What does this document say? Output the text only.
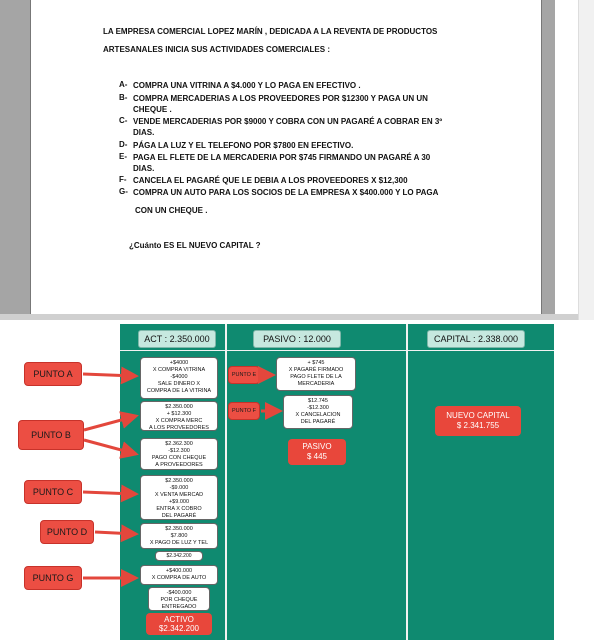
LA EMPRESA COMERCIAL LOPEZ MARÍN , DEDICADA A LA REVENTA DE PRODUCTOS
ARTESANALES INICIA SUS ACTIVIDADES COMERCIALES :
A- COMPRA UNA VITRINA A $4.000 Y LO PAGA EN EFECTIVO .
B- COMPRA MERCADERIAS A LOS PROVEEDORES POR $12300 Y PAGA UN UN
CHEQUE .
C- VENDE MERCADERIAS POR $9000 Y COBRA CON UN PAGARÉ A COBRAR EN 3º
DIAS.
D- PÁGA LA LUZ Y EL TELEFONO POR $7800 EN EFECTIVO.
E- PAGA EL FLETE DE LA MERCADERIA POR $745 FIRMANDO UN PAGARÉ A 30
DIAS.
F- CANCELA EL PAGARÉ QUE LE DEBIA A LOS PROVEEDORES X $12,300
G- COMPRA UN AUTO PARA LOS SOCIOS DE LA EMPRESA X $400.000 Y LO PAGA
CON UN CHEQUE .
¿Cuánto ES EL NUEVO CAPITAL ?
ACT : 2.350.000	PASIVO : 12.000	CAPITAL : 2.338.000
+$4000
X COMPRA VITRINA
-$4000
SALE DINERO X
COMPRA DE LA VITRINA
$2.350.000
+ $12.300
X COMPRA MERC
A LOS PROVEEDORES
$2.362.300
-$12.300
PAGO CON CHEQUE
A PROVEEDORES
$2.350.000
-$9.000
X VENTA MERCAD
+$9.000
ENTRA X COBRO
DEL PAGARÉ
$2.350.000
$7.800
X PAGO DE LUZ Y TEL
$2.342.200
+$400.000
X COMPRA DE AUTO
-$400.000
POR CHEQUE
ENTREGADO
ACTIVO
$2.342.200
+ $745
X PAGARÉ FIRMADO
PAGO FLETE DE LA
MERCADERIA
$12.745
-$12.300
X CANCELACION
DEL PAGARÉ
PASIVO
$ 445
NUEVO CAPITAL
$ 2.341.755
PUNTO A
PUNTO B
PUNTO C
PUNTO D
PUNTO G
PUNTO E
PUNTO F
